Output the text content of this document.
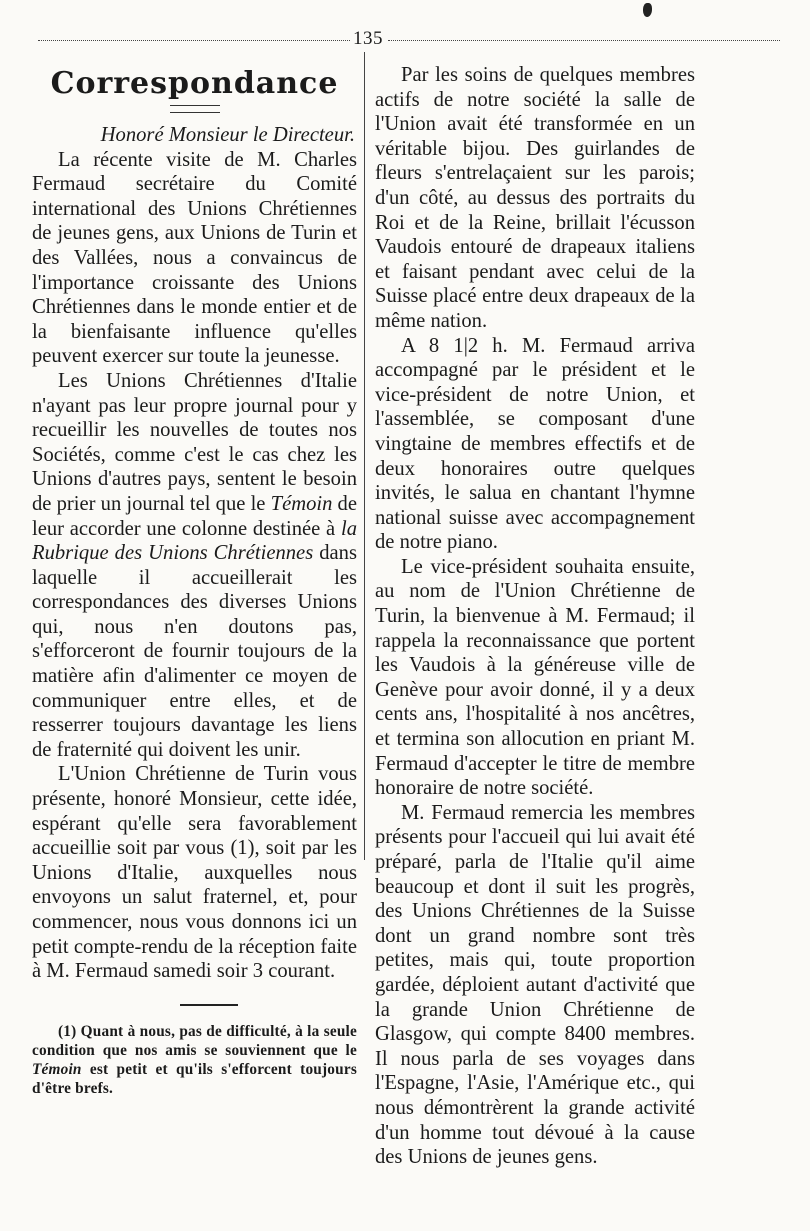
135
Correspondance

Honoré Monsieur le Directeur.

La récente visite de M. Charles Fermaud secrétaire du Comité international des Unions Chrétiennes de jeunes gens, aux Unions de Turin et des Vallées, nous a convaincus de l'importance croissante des Unions Chrétiennes dans le monde entier et de la bienfaisante influence qu'elles peuvent exercer sur toute la jeunesse.

Les Unions Chrétiennes d'Italie n'ayant pas leur propre journal pour y recueillir les nouvelles de toutes nos Sociétés, comme c'est le cas chez les Unions d'autres pays, sentent le besoin de prier un journal tel que le Témoin de leur accorder une colonne destinée à la Rubrique des Unions Chrétiennes dans laquelle il accueillerait les correspondances des diverses Unions qui, nous n'en doutons pas, s'efforceront de fournir toujours de la matière afin d'alimenter ce moyen de communiquer entre elles, et de resserrer toujours davantage les liens de fraternité qui doivent les unir.

L'Union Chrétienne de Turin vous présente, honoré Monsieur, cette idée, espérant qu'elle sera favorablement accueillie soit par vous (1), soit par les Unions d'Italie, auxquelles nous envoyons un salut fraternel, et, pour commencer, nous vous donnons ici un petit compte-rendu de la réception faite à M. Fermaud samedi soir 3 courant.

(1) Quant à nous, pas de difficulté, à la seule condition que nos amis se souviennent que le Témoin est petit et qu'ils s'efforcent toujours d'être brefs.

Par les soins de quelques membres actifs de notre société la salle de l'Union avait été transformée en un véritable bijou. Des guirlandes de fleurs s'entrelaçaient sur les parois; d'un côté, au dessus des portraits du Roi et de la Reine, brillait l'écusson Vaudois entouré de drapeaux italiens et faisant pendant avec celui de la Suisse placé entre deux drapeaux de la même nation.

A 8 1|2 h. M. Fermaud arriva accompagné par le président et le vice-président de notre Union, et l'assemblée, se composant d'une vingtaine de membres effectifs et de deux honoraires outre quelques invités, le salua en chantant l'hymne national suisse avec accompagnement de notre piano.

Le vice-président souhaita ensuite, au nom de l'Union Chrétienne de Turin, la bienvenue à M. Fermaud; il rappela la reconnaissance que portent les Vaudois à la généreuse ville de Genève pour avoir donné, il y a deux cents ans, l'hospitalité à nos ancêtres, et termina son allocution en priant M. Fermaud d'accepter le titre de membre honoraire de notre société.

M. Fermaud remercia les membres présents pour l'accueil qui lui avait été préparé, parla de l'Italie qu'il aime beaucoup et dont il suit les progrès, des Unions Chrétiennes de la Suisse dont un grand nombre sont très petites, mais qui, toute proportion gardée, déploient autant d'activité que la grande Union Chrétienne de Glasgow, qui compte 8400 membres. Il nous parla de ses voyages dans l'Espagne, l'Asie, l'Amérique etc., qui nous démontrèrent la grande activité d'un homme tout dévoué à la cause des Unions de jeunes gens.
